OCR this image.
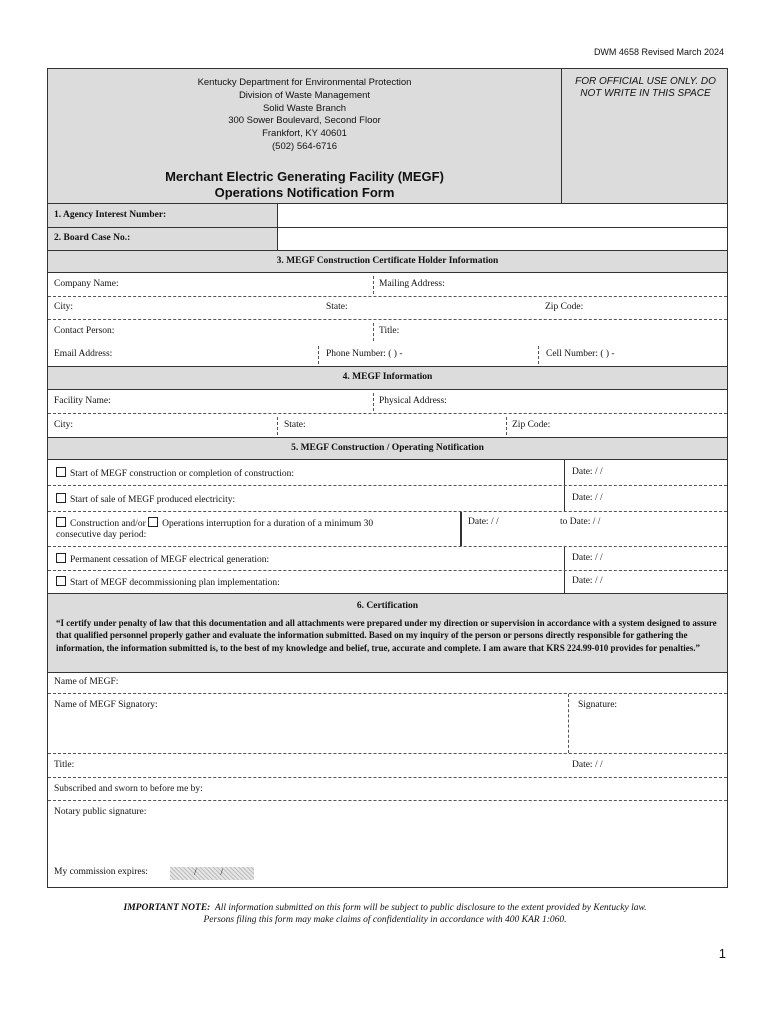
DWM 4658 Revised March 2024
Kentucky Department for Environmental Protection
Division of Waste Management
Solid Waste Branch
300 Sower Boulevard, Second Floor
Frankfort, KY 40601
(502) 564-6716
Merchant Electric Generating Facility (MEGF)
Operations Notification Form
FOR OFFICIAL USE ONLY. DO NOT WRITE IN THIS SPACE
1. Agency Interest Number:
2. Board Case No.:
3. MEGF Construction Certificate Holder Information
Company Name:	Mailing Address:
City:	State:	Zip Code:
Contact Person:	Title:
Email Address:	Phone Number: ( ) -	Cell Number: ( ) -
4. MEGF Information
Facility Name:	Physical Address:
City:	State:	Zip Code:
5. MEGF Construction / Operating Notification
Start of MEGF construction or completion of construction:	Date: / /
Start of sale of MEGF produced electricity:	Date: / /
Construction and/or Operations interruption for a duration of a minimum 30
consecutive day period:
Date: / /	to Date: / /
Permanent cessation of MEGF electrical generation:	Date: / /
Start of MEGF decommissioning plan implementation:	Date: / /
6. Certification
“I certify under penalty of law that this documentation and all attachments were prepared under my direction or supervision in accordance with a system designed to assure that qualified personnel properly gather and evaluate the information submitted. Based on my inquiry of the person or persons directly responsible for gathering the information, the information submitted is, to the best of my knowledge and belief, true, accurate and complete. I am aware that KRS 224.99-010 provides for penalties.”
Name of MEGF:
Name of MEGF Signatory:	Signature:
Title:	Date: / /
Subscribed and sworn to before me by:
Notary public signature:
My commission expires:	/          /
IMPORTANT NOTE: All information submitted on this form will be subject to public disclosure to the extent provided by Kentucky law.
Persons filing this form may make claims of confidentiality in accordance with 400 KAR 1:060.
1
